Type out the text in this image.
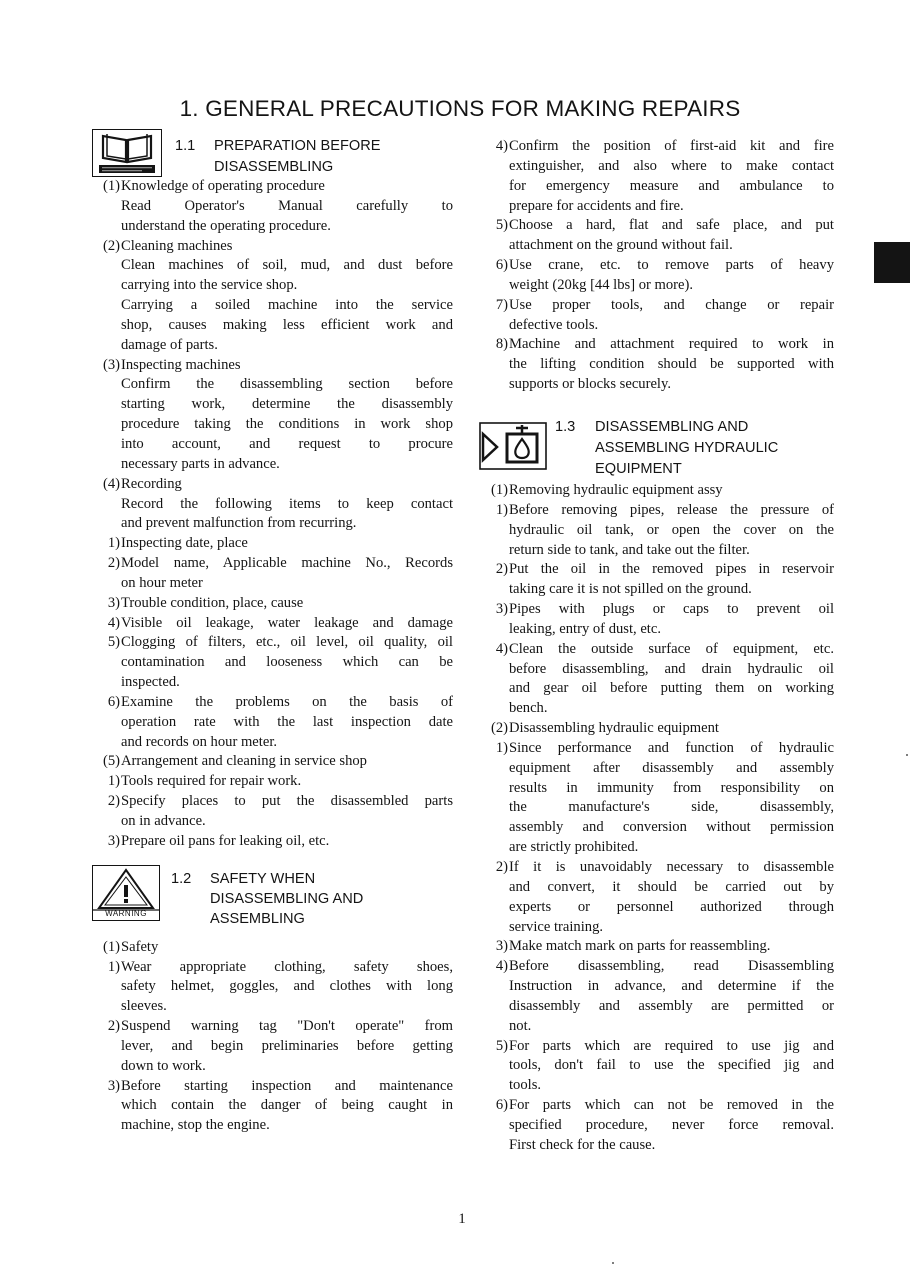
1. GENERAL PRECAUTIONS FOR MAKING REPAIRS
1.1 PREPARATION BEFORE
DISASSEMBLING
(1) Knowledge of operating procedure
Read Operator's Manual carefully to
understand the operating procedure.
(2) Cleaning machines
Clean machines of soil, mud, and dust before
carrying into the service shop.
Carrying a soiled machine into the service
shop, causes making less efficient work and
damage of parts.
(3) Inspecting machines
Confirm the disassembling section before
starting work, determine the disassembly
procedure taking the conditions in work shop
into account, and request to procure
necessary parts in advance.
(4) Recording
Record the following items to keep contact
and prevent malfunction from recurring.
1) Inspecting date, place
2) Model name, Applicable machine No., Records
on hour meter
3) Trouble condition, place, cause
4) Visible oil leakage, water leakage and damage
5) Clogging of filters, etc., oil level, oil quality, oil
contamination and looseness which can be
inspected.
6) Examine the problems on the basis of
operation rate with the last inspection date
and records on hour meter.
(5) Arrangement and cleaning in service shop
1) Tools required for repair work.
2) Specify places to put the disassembled parts
on in advance.
3) Prepare oil pans for leaking oil, etc.
WARNING
1.2 SAFETY WHEN
DISASSEMBLING AND
ASSEMBLING
(1) Safety
1) Wear appropriate clothing, safety shoes,
safety helmet, goggles, and clothes with long
sleeves.
2) Suspend warning tag "Don't operate" from
lever, and begin preliminaries before getting
down to work.
3) Before starting inspection and maintenance
which contain the danger of being caught in
machine, stop the engine.
4) Confirm the position of first-aid kit and fire
extinguisher, and also where to make contact
for emergency measure and ambulance to
prepare for accidents and fire.
5) Choose a hard, flat and safe place, and put
attachment on the ground without fail.
6) Use crane, etc. to remove parts of heavy
weight (20kg [44 lbs] or more).
7) Use proper tools, and change or repair
defective tools.
8) Machine and attachment required to work in
the lifting condition should be supported with
supports or blocks securely.
1.3 DISASSEMBLING AND
ASSEMBLING HYDRAULIC
EQUIPMENT
(1) Removing hydraulic equipment assy
1) Before removing pipes, release the pressure of
hydraulic oil tank, or open the cover on the
return side to tank, and take out the filter.
2) Put the oil in the removed pipes in reservoir
taking care it is not spilled on the ground.
3) Pipes with plugs or caps to prevent oil
leaking, entry of dust, etc.
4) Clean the outside surface of equipment, etc.
before disassembling, and drain hydraulic oil
and gear oil before putting them on working
bench.
(2) Disassembling hydraulic equipment
1) Since performance and function of hydraulic
equipment after disassembly and assembly
results in immunity from responsibility on
the manufacture's side, disassembly,
assembly and conversion without permission
are strictly prohibited.
2) If it is unavoidably necessary to disassemble
and convert, it should be carried out by
experts or personnel authorized through
service training.
3) Make match mark on parts for reassembling.
4) Before disassembling, read Disassembling
Instruction in advance, and determine if the
disassembly and assembly are permitted or
not.
5) For parts which are required to use jig and
tools, don't fail to use the specified jig and
tools.
6) For parts which can not be removed in the
specified procedure, never force removal.
First check for the cause.
1
